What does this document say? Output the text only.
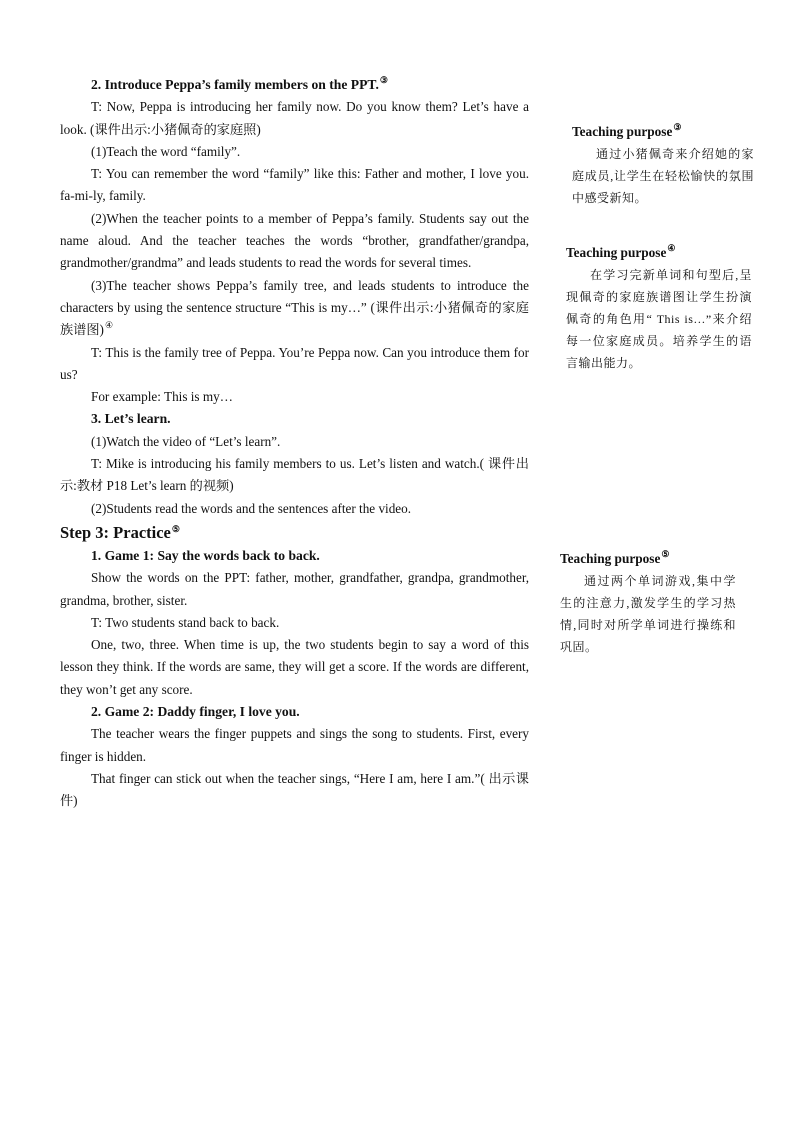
2. Introduce Peppa’s family members on the PPT.③

T: Now, Peppa is introducing her family now. Do you know them? Let’s have a look. (课件出示:小猪佩奇的家庭照)

(1)Teach the word “family”.

T: You can remember the word “family” like this: Father and mother, I love you. fa-mi-ly, family.

(2)When the teacher points to a member of Peppa’s family. Students say out the name aloud. And the teacher teaches the words “brother, grandfather/grandpa, grandmother/grandma” and leads students to read the words for several times.

(3)The teacher shows Peppa’s family tree, and leads students to introduce the characters by using the sentence structure “This is my…” (课件出示:小猪佩奇的家庭族谱图)④

T: This is the family tree of Peppa. You’re Peppa now. Can you introduce them for us?

For example: This is my…

3. Let’s learn.

(1)Watch the video of “Let’s learn”.

T: Mike is introducing his family members to us. Let’s listen and watch.( 课件出示:教材 P18 Let’s learn 的视频)

(2)Students read the words and the sentences after the video.

Step 3: Practice⑤

1. Game 1: Say the words back to back.

Show the words on the PPT: father, mother, grandfather, grandpa, grandmother, grandma, brother, sister.

T: Two students stand back to back.

One, two, three. When time is up, the two students begin to say a word of this lesson they think. If the words are same, they will get a score. If the words are different, they won’t get any score.

2. Game 2: Daddy finger, I love you.

The teacher wears the finger puppets and sings the song to students. First, every finger is hidden.

That finger can stick out when the teacher sings, “Here I am, here I am.”( 出示课件)

Teaching purpose③

通过小猪佩奇来介绍她的家庭成员,让学生在轻松愉快的氛围中感受新知。

Teaching purpose④

在学习完新单词和句型后,呈现佩奇的家庭族谱图让学生扮演佩奇的角色用“ This is…”来介绍每一位家庭成员。培养学生的语言输出能力。

Teaching purpose⑤

通过两个单词游戏,集中学生的注意力,激发学生的学习热情,同时对所学单词进行操练和巩固。
